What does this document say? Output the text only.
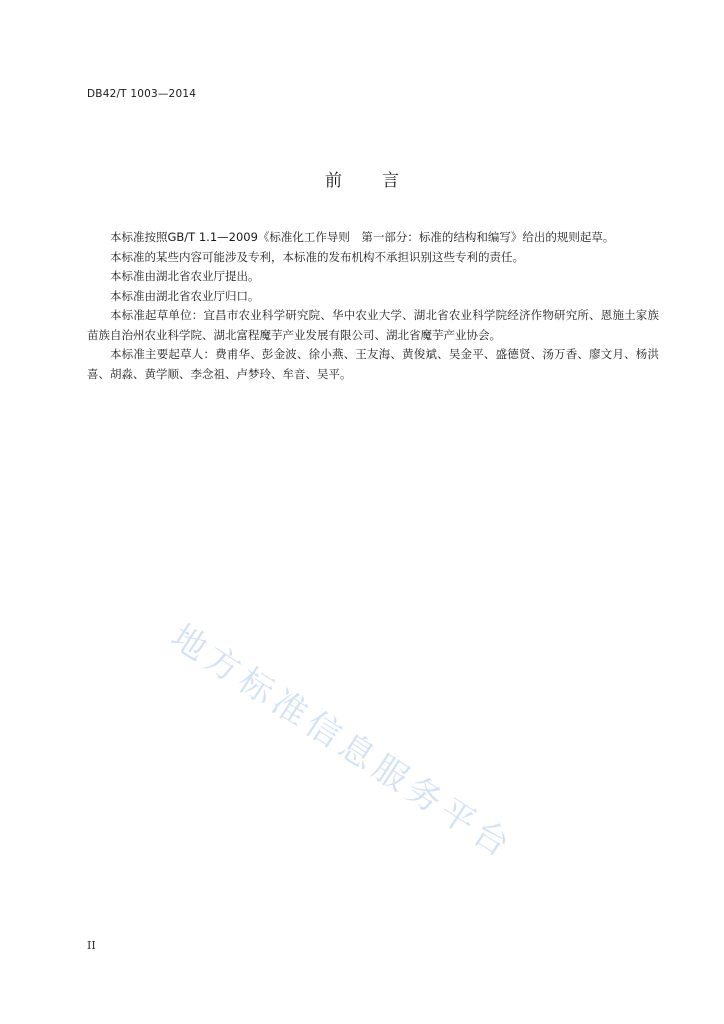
DB42/T 1003—2014
前 言

本标准按照GB/T 1.1—2009《标准化工作导则　第一部分：标准的结构和编写》给出的规则起草。

本标准的某些内容可能涉及专利，本标准的发布机构不承担识别这些专利的责任。

本标准由湖北省农业厅提出。

本标准由湖北省农业厅归口。

本标准起草单位：宜昌市农业科学研究院、华中农业大学、湖北省农业科学院经济作物研究所、恩施土家族苗族自治州农业科学院、湖北富程魔芋产业发展有限公司、湖北省魔芋产业协会。

本标准主要起草人：费甫华、彭金波、徐小燕、王友海、黄俊斌、吴金平、盛德贤、汤万香、廖文月、杨洪喜、胡淼、黄学顺、李念祖、卢梦玲、牟音、吴平。

地方标准信息服务平台
II
